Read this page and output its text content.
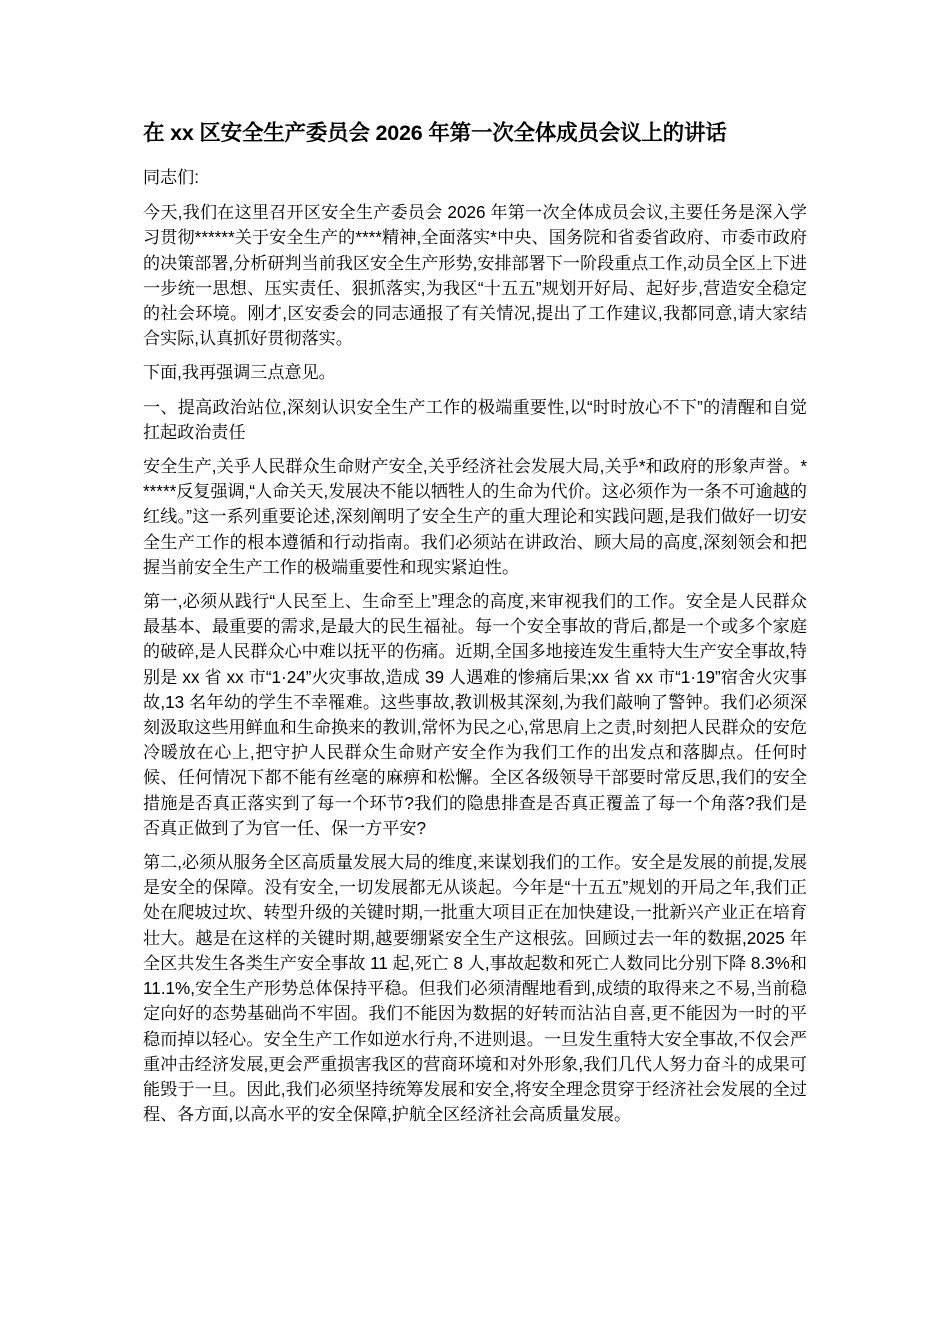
在 xx 区安全生产委员会 2026 年第一次全体成员会议上的讲话

同志们:

今天,我们在这里召开区安全生产委员会 2026 年第一次全体成员会议,主要任务是深入学习贯彻******关于安全生产的****精神,全面落实*中央、国务院和省委省政府、市委市政府的决策部署,分析研判当前我区安全生产形势,安排部署下一阶段重点工作,动员全区上下进一步统一思想、压实责任、狠抓落实,为我区“十五五”规划开好局、起好步,营造安全稳定的社会环境。刚才,区安委会的同志通报了有关情况,提出了工作建议,我都同意,请大家结合实际,认真抓好贯彻落实。

下面,我再强调三点意见。

一、提高政治站位,深刻认识安全生产工作的极端重要性,以“时时放心不下”的清醒和自觉扛起政治责任

安全生产,关乎人民群众生命财产安全,关乎经济社会发展大局,关乎*和政府的形象声誉。******反复强调,“人命关天,发展决不能以牺牲人的生命为代价。这必须作为一条不可逾越的红线。”这一系列重要论述,深刻阐明了安全生产的重大理论和实践问题,是我们做好一切安全生产工作的根本遵循和行动指南。我们必须站在讲政治、顾大局的高度,深刻领会和把握当前安全生产工作的极端重要性和现实紧迫性。

第一,必须从践行“人民至上、生命至上”理念的高度,来审视我们的工作。安全是人民群众最基本、最重要的需求,是最大的民生福祉。每一个安全事故的背后,都是一个或多个家庭的破碎,是人民群众心中难以抚平的伤痛。近期,全国多地接连发生重特大生产安全事故,特别是 xx 省 xx 市“1·24”火灾事故,造成 39 人遇难的惨痛后果;xx 省 xx 市“1·19”宿舍火灾事故,13 名年幼的学生不幸罹难。这些事故,教训极其深刻,为我们敲响了警钟。我们必须深刻汲取这些用鲜血和生命换来的教训,常怀为民之心,常思肩上之责,时刻把人民群众的安危冷暖放在心上,把守护人民群众生命财产安全作为我们工作的出发点和落脚点。任何时候、任何情况下都不能有丝毫的麻痹和松懈。全区各级领导干部要时常反思,我们的安全措施是否真正落实到了每一个环节?我们的隐患排查是否真正覆盖了每一个角落?我们是否真正做到了为官一任、保一方平安?

第二,必须从服务全区高质量发展大局的维度,来谋划我们的工作。安全是发展的前提,发展是安全的保障。没有安全,一切发展都无从谈起。今年是“十五五”规划的开局之年,我们正处在爬坡过坎、转型升级的关键时期,一批重大项目正在加快建设,一批新兴产业正在培育壮大。越是在这样的关键时期,越要绷紧安全生产这根弦。回顾过去一年的数据,2025 年全区共发生各类生产安全事故 11 起,死亡 8 人,事故起数和死亡人数同比分别下降 8.3%和 11.1%,安全生产形势总体保持平稳。但我们必须清醒地看到,成绩的取得来之不易,当前稳定向好的态势基础尚不牢固。我们不能因为数据的好转而沾沾自喜,更不能因为一时的平稳而掉以轻心。安全生产工作如逆水行舟,不进则退。一旦发生重特大安全事故,不仅会严重冲击经济发展,更会严重损害我区的营商环境和对外形象,我们几代人努力奋斗的成果可能毁于一旦。因此,我们必须坚持统筹发展和安全,将安全理念贯穿于经济社会发展的全过程、各方面,以高水平的安全保障,护航全区经济社会高质量发展。
